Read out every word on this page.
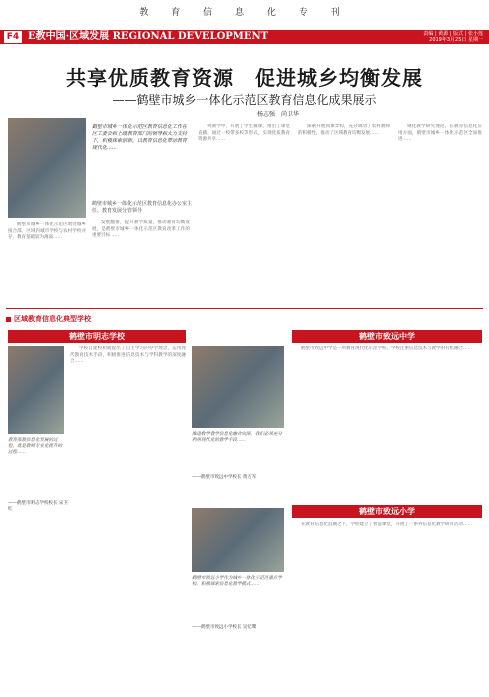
教 育 信 息 化 专 刊
F4 E教中国·区域发展 REGIONAL DEVELOPMENT	责编 | 黄源 | 版式 | 张小莲
2019年3月25日 星期一
共享优质教育资源　促进城乡均衡发展
——鹤壁市城乡一体化示范区教育信息化成果展示
杨志强　尚卫华
鹤壁市城乡一体化示范区教育信息化工作在区工委会和上级教育部门的领导和大力支持下，积极探索创新，以教育信息化带动教育现代化……
鹤壁市城乡一体化示范区教育信息化办公室主任、教育发展分管领导

鹤壁市城乡一体化示范区地处城乡接合部，区域内城市学校与农村学校并存，教育基础较为薄弱……

发展翻番，提升教学质量，推动教育均衡发展，是鹤壁市城乡一体化示范区教育改革工作的重要目标……

列教学中，开展了学生微课，推出了课堂直播，通过一校带多校等形式，实现优质教育资源共享……

探索开展同课异构，充分调动了农村教师的积极性，推动了区域教育均衡发展……

钢化教学研究理论。在教育信息化应用方面，鹤壁市城乡一体化示范区全面推进……

区域教育信息化典型学校
鹤壁市明志学校
教育部教信息化发展的过程，就是教师专业化提升的过程……
——鹤壁市明志学校校长 宋卫红

学校自建校初就提出了自主学习的办学理念，运用现代教育技术手段，积极推进信息技术与学科教学的深度融合……

鹤壁市致远中学
推进数学教学信息化融合向深，我们必须充分利用现代化的教学手段……
——鹤壁市致远中学校长 黄万军

鹤壁市致远中学是一所教育现代化示范学校，学校注重信息技术与教学的有机融合……

鹤壁市致远小学
鹤壁市致远小学作为城乡一体化示范区重点学校，积极探索信息化教学模式……
——鹤壁市致远小学校长 吴忆鹭

在教育信息化浪潮之下，学校建立了智慧课堂，开展了一系列信息化教学研讨活动……
